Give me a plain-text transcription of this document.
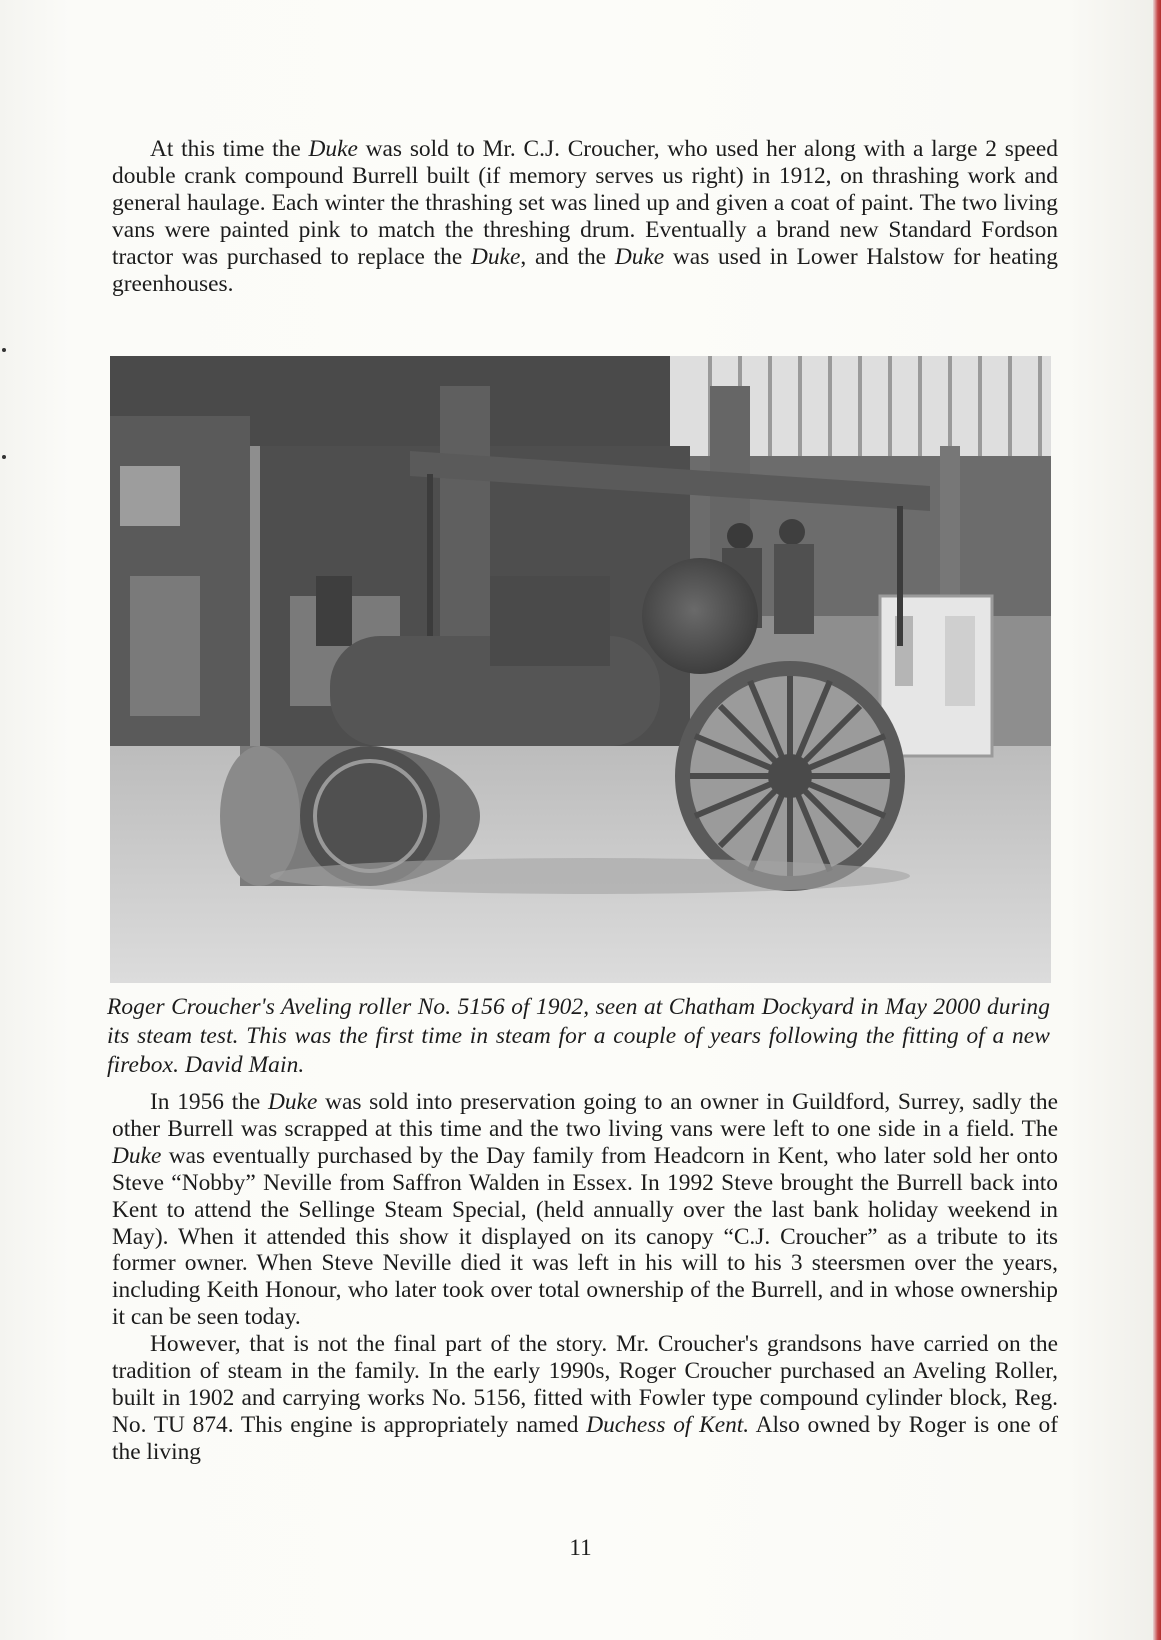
At this time the Duke was sold to Mr. C.J. Croucher, who used her along with a large 2 speed double crank compound Burrell built (if memory serves us right) in 1912, on thrashing work and general haulage. Each winter the thrashing set was lined up and given a coat of paint. The two living vans were painted pink to match the threshing drum. Eventually a brand new Standard Fordson tractor was purchased to replace the Duke, and the Duke was used in Lower Halstow for heating greenhouses.

Roger Croucher's Aveling roller No. 5156 of 1902, seen at Chatham Dockyard in May 2000 during its steam test. This was the first time in steam for a couple of years following the fitting of a new firebox. David Main.

In 1956 the Duke was sold into preservation going to an owner in Guildford, Surrey, sadly the other Burrell was scrapped at this time and the two living vans were left to one side in a field. The Duke was eventually purchased by the Day family from Headcorn in Kent, who later sold her onto Steve “Nobby” Neville from Saffron Walden in Essex. In 1992 Steve brought the Burrell back into Kent to attend the Sellinge Steam Special, (held annually over the last bank holiday weekend in May). When it attended this show it displayed on its canopy “C.J. Croucher” as a tribute to its former owner. When Steve Neville died it was left in his will to his 3 steersmen over the years, including Keith Honour, who later took over total ownership of the Burrell, and in whose ownership it can be seen today.

However, that is not the final part of the story. Mr. Croucher's grandsons have carried on the tradition of steam in the family. In the early 1990s, Roger Croucher purchased an Aveling Roller, built in 1902 and carrying works No. 5156, fitted with Fowler type compound cylinder block, Reg. No. TU 874. This engine is appropriately named Duchess of Kent. Also owned by Roger is one of the living

11
